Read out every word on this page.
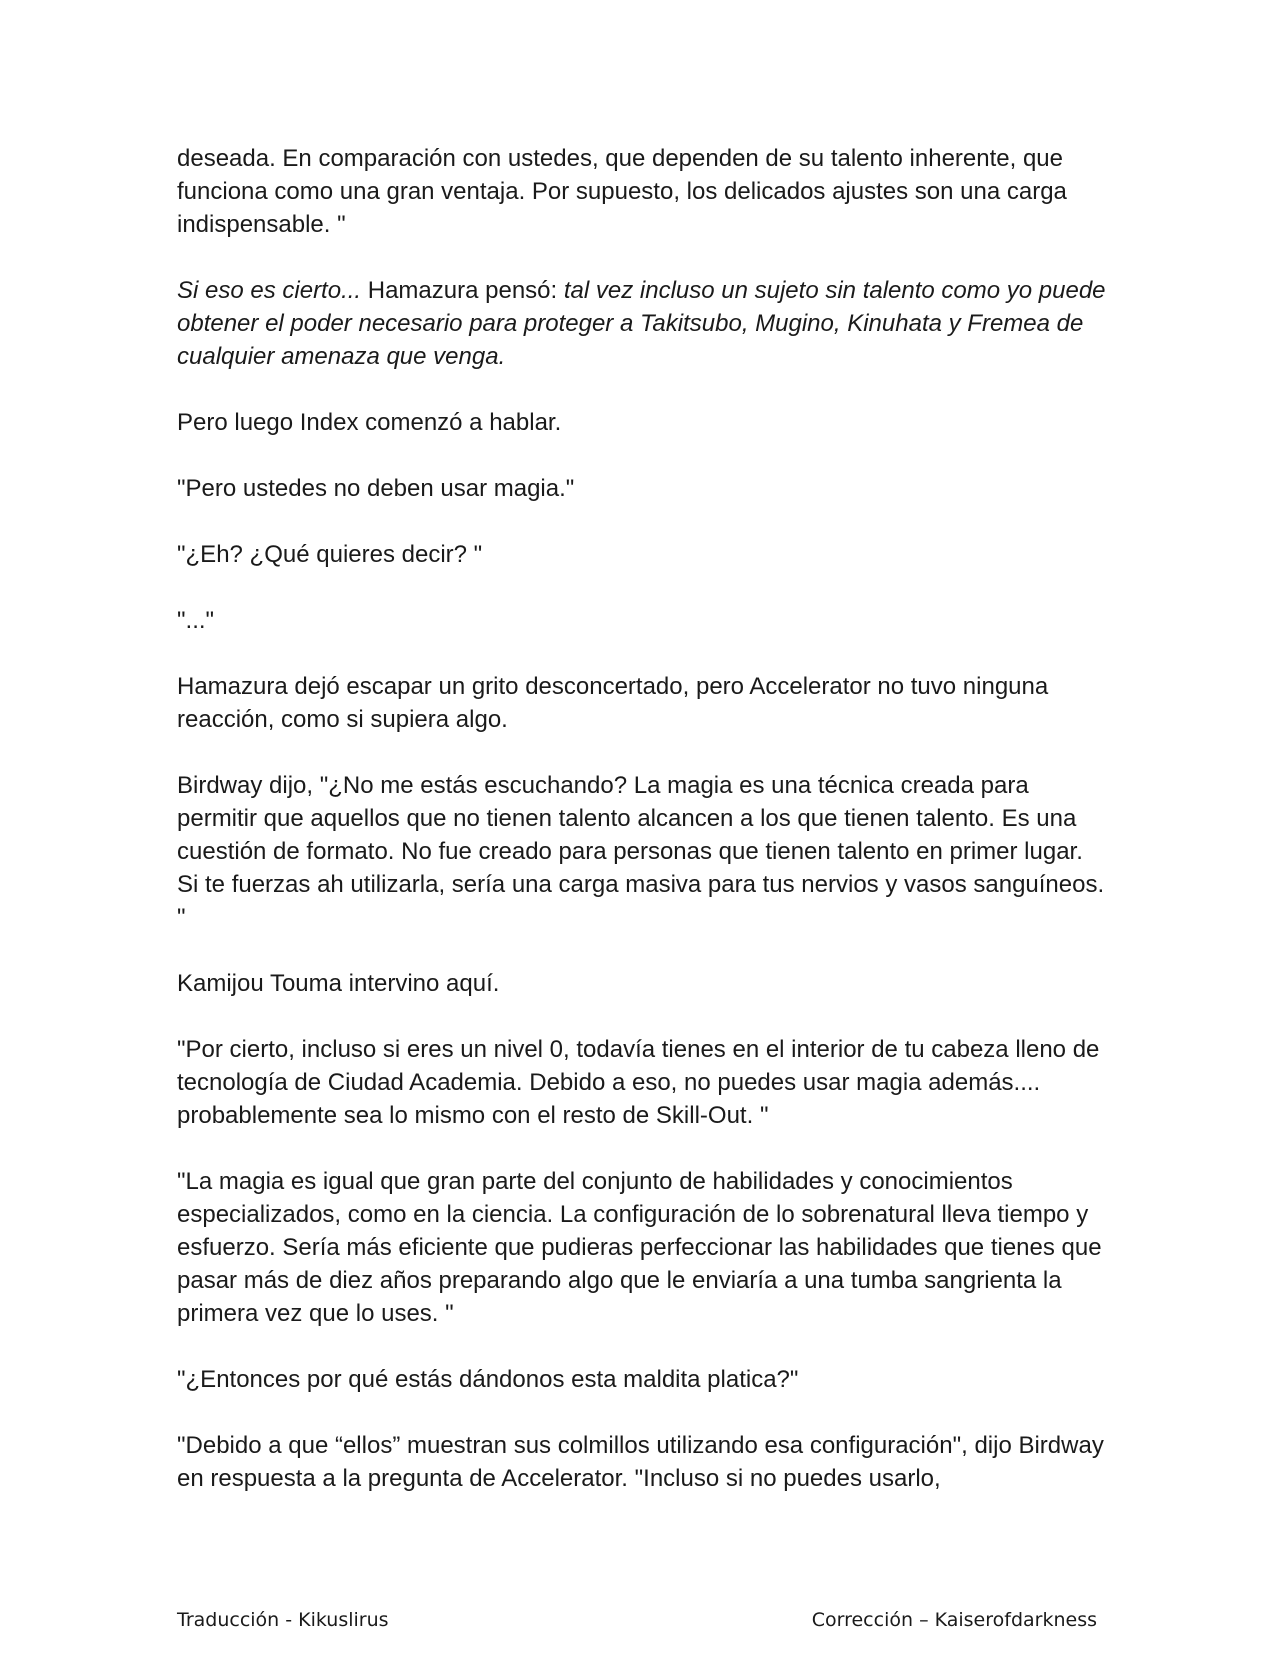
deseada. En comparación con ustedes, que dependen de su talento inherente, que funciona como una gran ventaja. Por supuesto, los delicados ajustes son una carga indispensable. "

Si eso es cierto... Hamazura pensó: tal vez incluso un sujeto sin talento como yo puede obtener el poder necesario para proteger a Takitsubo, Mugino, Kinuhata y Fremea de cualquier amenaza que venga.

Pero luego Index comenzó a hablar.

"Pero ustedes no deben usar magia."

"¿Eh? ¿Qué quieres decir? "

"..."

Hamazura dejó escapar un grito desconcertado, pero Accelerator no tuvo ninguna reacción, como si supiera algo.

Birdway dijo, "¿No me estás escuchando? La magia es una técnica creada para permitir que aquellos que no tienen talento alcancen a los que tienen talento. Es una cuestión de formato. No fue creado para personas que tienen talento en primer lugar. Si te fuerzas ah utilizarla, sería una carga masiva para tus nervios y vasos sanguíneos. "

Kamijou Touma intervino aquí.

"Por cierto, incluso si eres un nivel 0, todavía tienes en el interior de tu cabeza lleno de tecnología de Ciudad Academia. Debido a eso, no puedes usar magia además.... probablemente sea lo mismo con el resto de Skill-Out. "

"La magia es igual que gran parte del conjunto de habilidades y conocimientos especializados, como en la ciencia. La configuración de lo sobrenatural lleva tiempo y esfuerzo. Sería más eficiente que pudieras perfeccionar las habilidades que tienes que pasar más de diez años preparando algo que le enviaría a una tumba sangrienta la primera vez que lo uses. "

"¿Entonces por qué estás dándonos esta maldita platica?"

"Debido a que “ellos” muestran sus colmillos utilizando esa configuración", dijo Birdway en respuesta a la pregunta de Accelerator. "Incluso si no puedes usarlo,

Traducción - Kikuslirus	Corrección – Kaiserofdarkness
